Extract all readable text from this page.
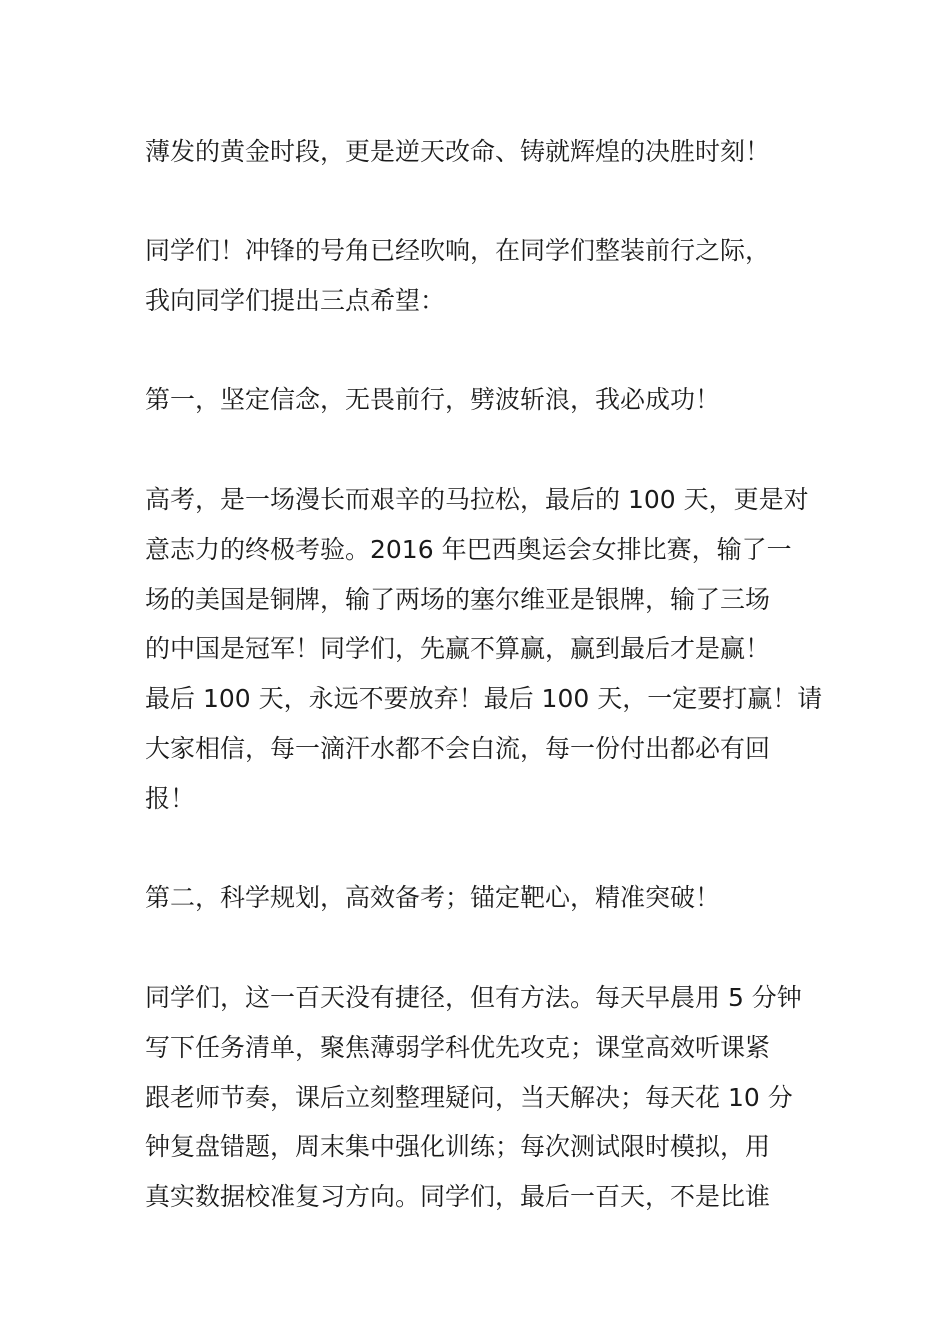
薄发的黄金时段，更是逆天改命、铸就辉煌的决胜时刻！

同学们！冲锋的号角已经吹响，在同学们整装前行之际，
我向同学们提出三点希望：

第一，坚定信念，无畏前行，劈波斩浪，我必成功！

高考，是一场漫长而艰辛的马拉松，最后的 100 天，更是对
意志力的终极考验。2016 年巴西奥运会女排比赛，输了一
场的美国是铜牌，输了两场的塞尔维亚是银牌，输了三场
的中国是冠军！同学们，先赢不算赢，赢到最后才是赢！
最后 100 天，永远不要放弃！最后 100 天，一定要打赢！请
大家相信，每一滴汗水都不会白流，每一份付出都必有回
报！

第二，科学规划，高效备考；锚定靶心，精准突破！

同学们，这一百天没有捷径，但有方法。每天早晨用 5 分钟
写下任务清单，聚焦薄弱学科优先攻克；课堂高效听课紧
跟老师节奏，课后立刻整理疑问，当天解决；每天花 10 分
钟复盘错题，周末集中强化训练；每次测试限时模拟，用
真实数据校准复习方向。同学们，最后一百天，不是比谁
